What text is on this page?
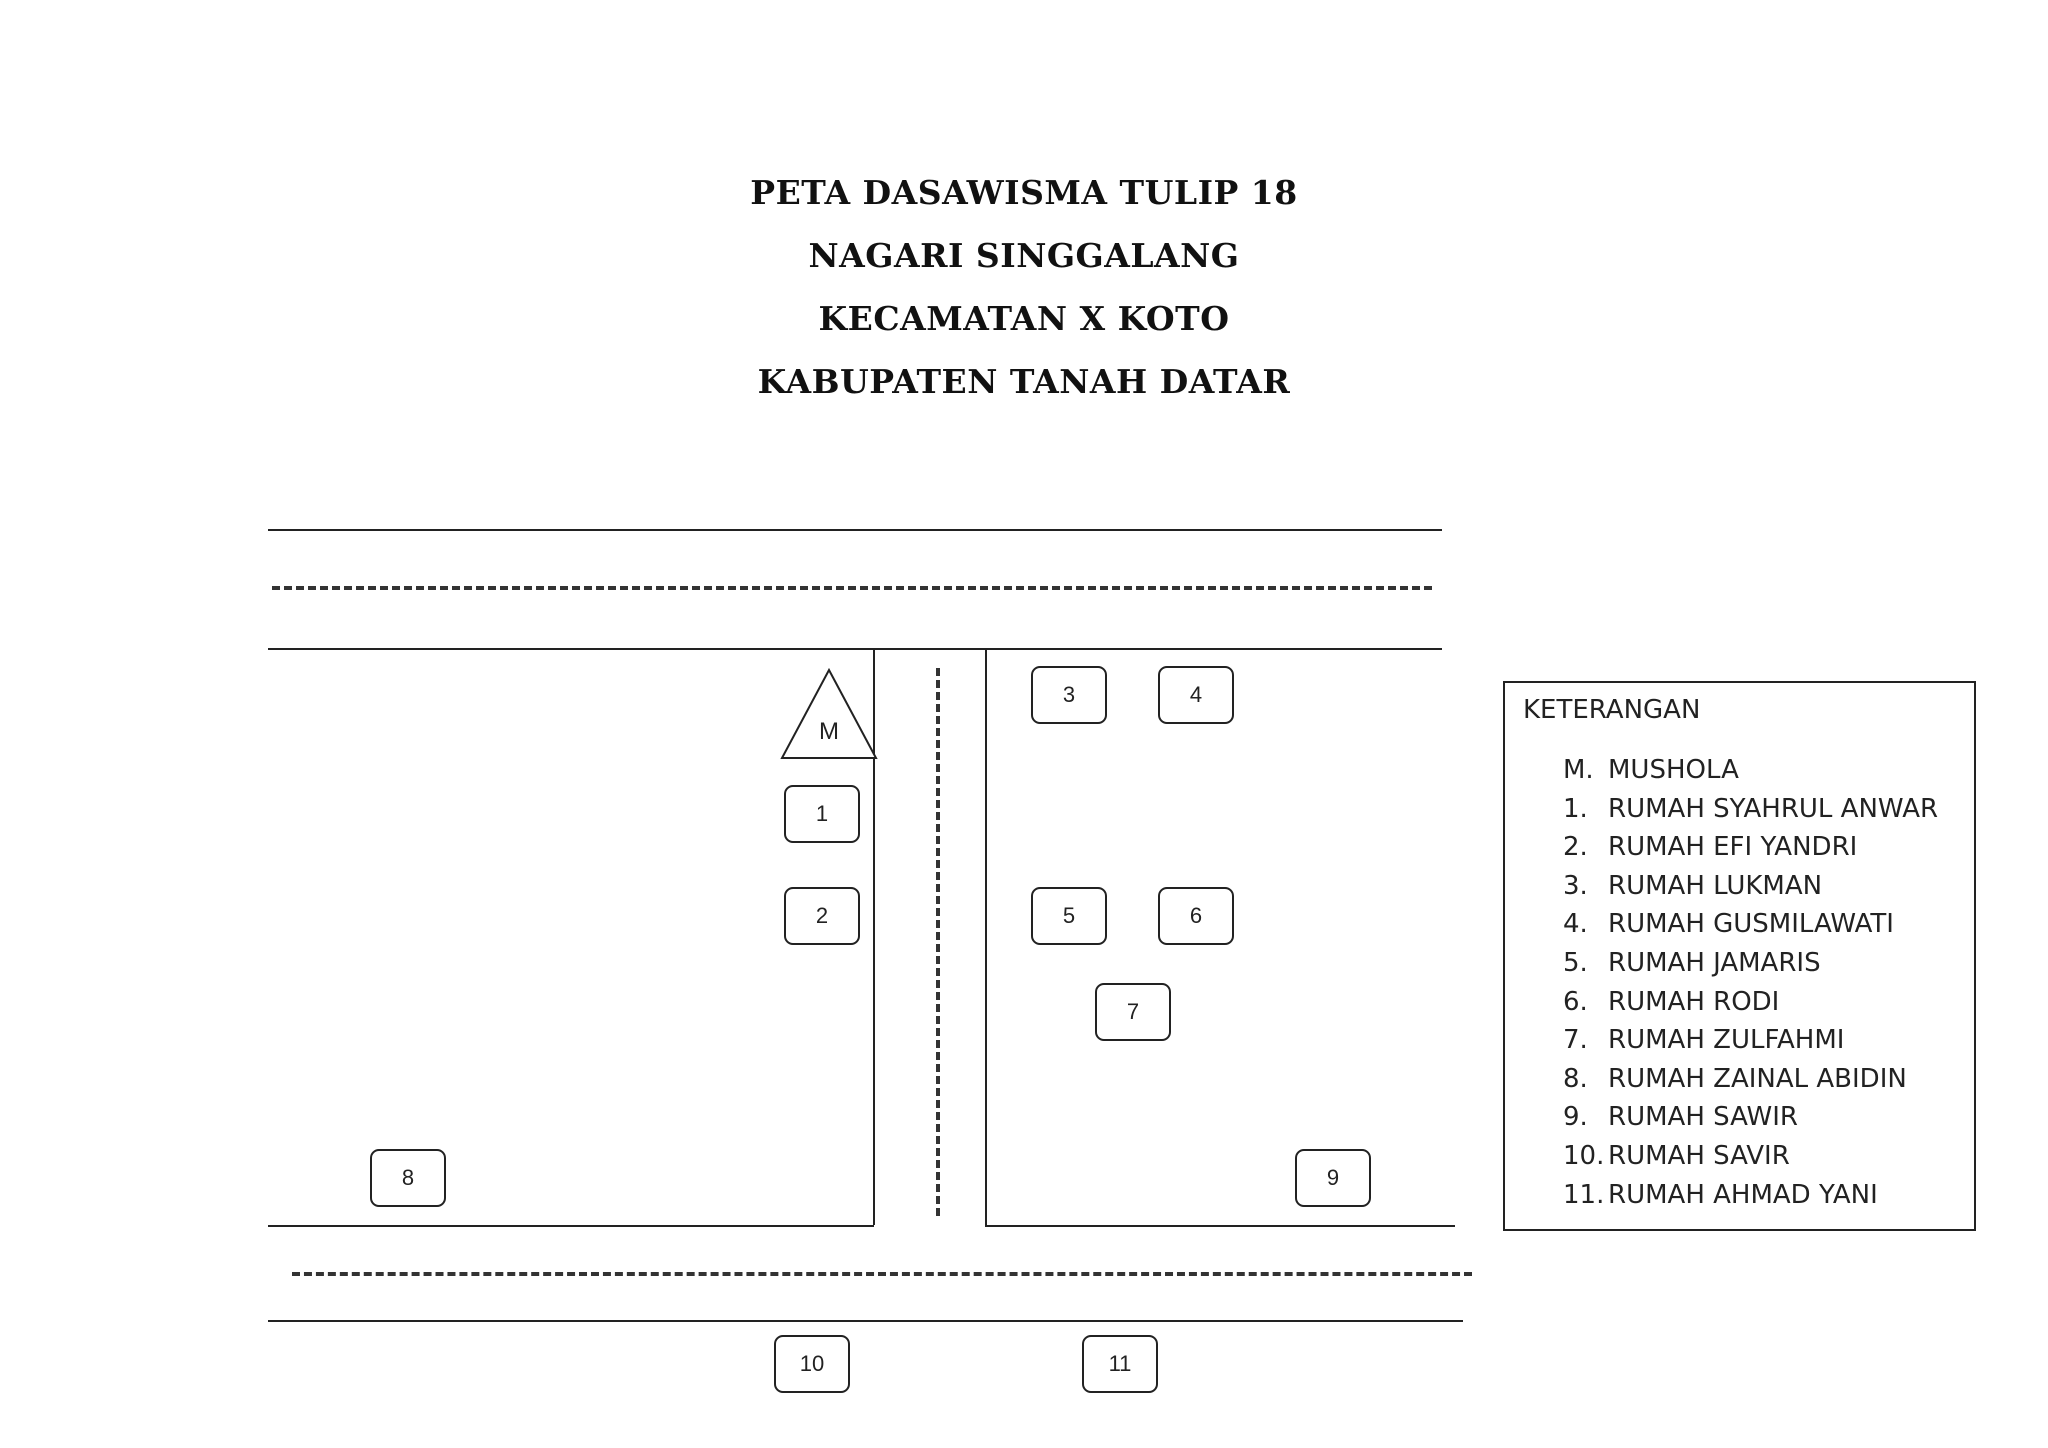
PETA DASAWISMA TULIP 18
NAGARI SINGGALANG
KECAMATAN X KOTO
KABUPATEN TANAH DATAR
M
1
2
3	4
5	6
7
8	9
10	11
KETERANGAN
M. MUSHOLA
1. RUMAH SYAHRUL ANWAR
2. RUMAH EFI YANDRI
3. RUMAH LUKMAN
4. RUMAH GUSMILAWATI
5. RUMAH JAMARIS
6. RUMAH RODI
7. RUMAH ZULFAHMI
8. RUMAH ZAINAL ABIDIN
9. RUMAH SAWIR
10. RUMAH SAVIR
11. RUMAH AHMAD YANI
